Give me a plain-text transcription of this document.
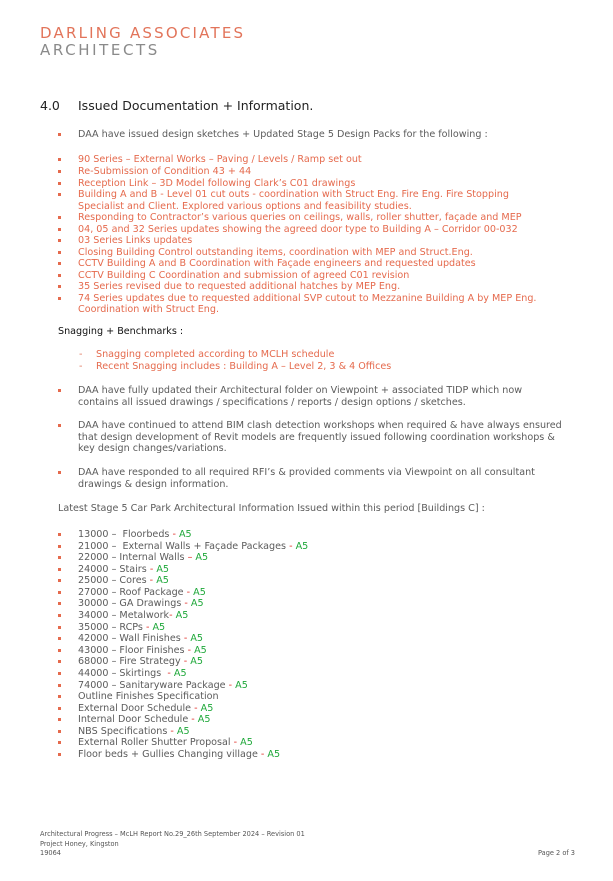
DARLING ASSOCIATES
ARCHITECTS
4.0 Issued Documentation + Information.
DAA have issued design sketches + Updated Stage 5 Design Packs for the following :
90 Series – External Works – Paving / Levels / Ramp set out
Re-Submission of Condition 43 + 44
Reception Link – 3D Model following Clark’s C01 drawings
Building A and B - Level 01 cut outs - coordination with Struct Eng. Fire Eng. Fire Stopping
Specialist and Client. Explored various options and feasibility studies.
Responding to Contractor’s various queries on ceilings, walls, roller shutter, façade and MEP
04, 05 and 32 Series updates showing the agreed door type to Building A – Corridor 00-032
03 Series Links updates
Closing Building Control outstanding items, coordination with MEP and Struct.Eng.
CCTV Building A and B Coordination with Façade engineers and requested updates
CCTV Building C Coordination and submission of agreed C01 revision
35 Series revised due to requested additional hatches by MEP Eng.
74 Series updates due to requested additional SVP cutout to Mezzanine Building A by MEP Eng.
Coordination with Struct Eng.
Snagging + Benchmarks :
- Snagging completed according to MCLH schedule
- Recent Snagging includes : Building A – Level 2, 3 & 4 Offices
DAA have fully updated their Architectural folder on Viewpoint + associated TIDP which now
contains all issued drawings / specifications / reports / design options / sketches.
DAA have continued to attend BIM clash detection workshops when required & have always ensured
that design development of Revit models are frequently issued following coordination workshops &
key design changes/variations.
DAA have responded to all required RFI’s & provided comments via Viewpoint on all consultant
drawings & design information.
Latest Stage 5 Car Park Architectural Information Issued within this period [Buildings C] :
13000 –  Floorbeds - A5
21000 –  External Walls + Façade Packages - A5
22000 – Internal Walls – A5
24000 – Stairs - A5
25000 – Cores - A5
27000 – Roof Package - A5
30000 – GA Drawings - A5
34000 – Metalwork- A5
35000 – RCPs - A5
42000 – Wall Finishes - A5
43000 – Floor Finishes - A5
68000 – Fire Strategy - A5
44000 – Skirtings  - A5
74000 – Sanitaryware Package - A5
Outline Finishes Specification
External Door Schedule - A5
Internal Door Schedule - A5
NBS Specifications - A5
External Roller Shutter Proposal - A5
Floor beds + Gullies Changing village - A5
Architectural Progress – McLH Report No.29_26th September 2024 – Revision 01
Project Honey, Kingston
19064	Page 2 of 3
